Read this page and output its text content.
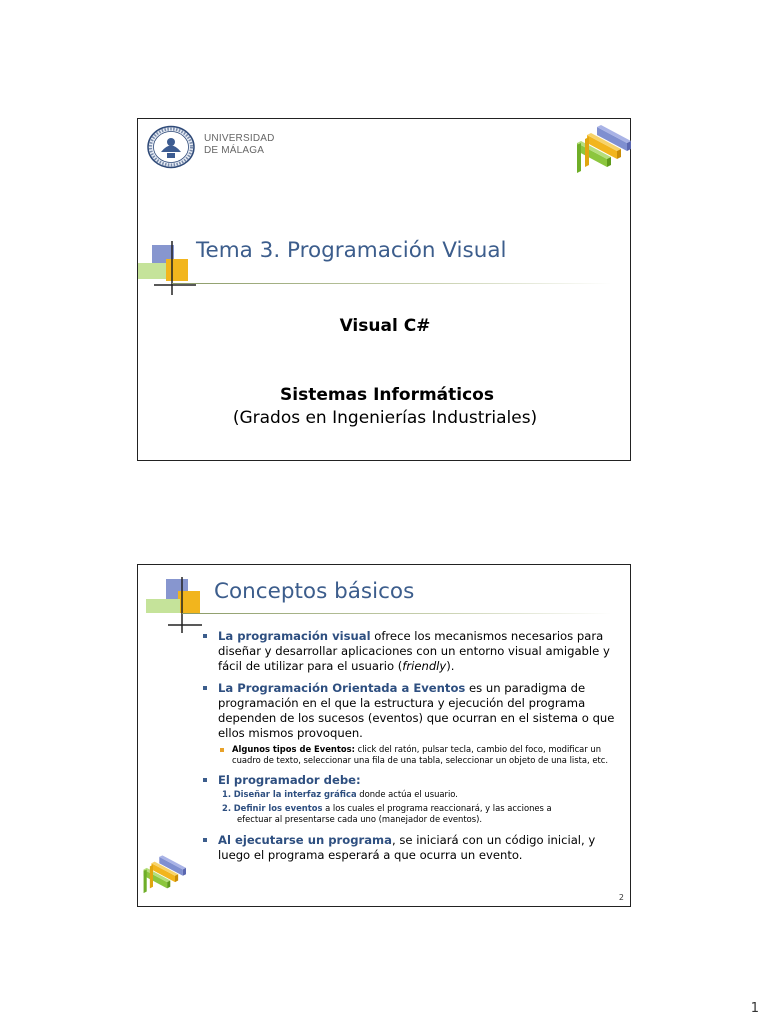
UNIVERSIDAD
DE MÁLAGA
Tema 3. Programación Visual
Visual C#
Sistemas Informáticos
(Grados en Ingenierías Industriales)
Conceptos básicos
La programación visual ofrece los mecanismos necesarios para diseñar y desarrollar aplicaciones con un entorno visual amigable y fácil de utilizar para el usuario (friendly).
La Programación Orientada a Eventos es un paradigma de programación en el que la estructura y ejecución del programa dependen de los sucesos (eventos) que ocurran en el sistema o que ellos mismos provoquen.
Algunos tipos de Eventos: click del ratón, pulsar tecla, cambio del foco, modificar un cuadro de texto, seleccionar una fila de una tabla, seleccionar un objeto de una lista, etc.
El programador debe:
1. Diseñar la interfaz gráfica donde actúa el usuario.
2. Definir los eventos a los cuales el programa reaccionará, y las acciones a
efectuar al presentarse cada uno (manejador de eventos).
Al ejecutarse un programa, se iniciará con un código inicial, y luego el programa esperará a que ocurra un evento.
2
1
